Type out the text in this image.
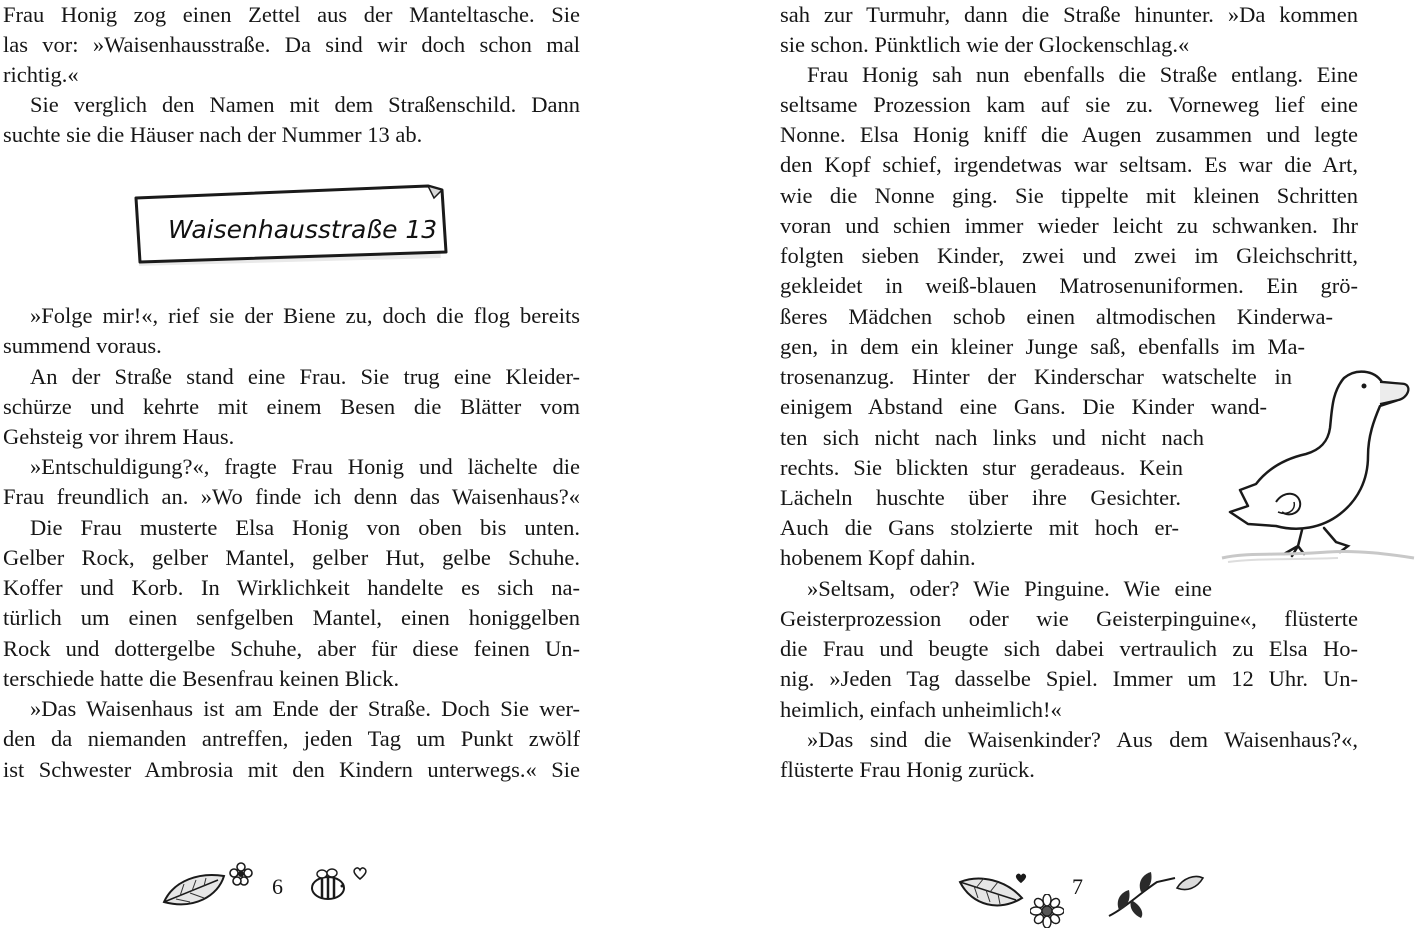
Frau Honig zog einen Zettel aus der Manteltasche. Sie

las vor: »Waisenhausstraße. Da sind wir doch schon mal

richtig.«

Sie verglich den Namen mit dem Straßenschild. Dann

suchte sie die Häuser nach der Nummer 13 ab.

Waisenhausstraße 13

»Folge mir!«, rief sie der Biene zu, doch die flog bereits

summend voraus.

An der Straße stand eine Frau. Sie trug eine Kleider-

schürze und kehrte mit einem Besen die Blätter vom

Gehsteig vor ihrem Haus.

»Entschuldigung?«, fragte Frau Honig und lächelte die

Frau freundlich an. »Wo finde ich denn das Waisenhaus?«

Die Frau musterte Elsa Honig von oben bis unten.

Gelber Rock, gelber Mantel, gelber Hut, gelbe Schuhe.

Koffer und Korb. In Wirklichkeit handelte es sich na-

türlich um einen senfgelben Mantel, einen honiggelben

Rock und dottergelbe Schuhe, aber für diese feinen Un-

terschiede hatte die Besenfrau keinen Blick.

»Das Waisenhaus ist am Ende der Straße. Doch Sie wer-

den da niemanden antreffen, jeden Tag um Punkt zwölf

ist Schwester Ambrosia mit den Kindern unterwegs.« Sie

6

sah zur Turmuhr, dann die Straße hinunter. »Da kommen

sie schon. Pünktlich wie der Glockenschlag.«

Frau Honig sah nun ebenfalls die Straße entlang. Eine

seltsame Prozession kam auf sie zu. Vorneweg lief eine

Nonne. Elsa Honig kniff die Augen zusammen und legte

den Kopf schief, irgendetwas war seltsam. Es war die Art,

wie die Nonne ging. Sie tippelte mit kleinen Schritten

voran und schien immer wieder leicht zu schwanken. Ihr

folgten sieben Kinder, zwei und zwei im Gleichschritt,

gekleidet in weiß-blauen Matrosenuniformen. Ein grö-

ßeres Mädchen schob einen altmodischen Kinderwa-

gen, in dem ein kleiner Junge saß, ebenfalls im Ma-

trosenanzug. Hinter der Kinderschar watschelte in

einigem Abstand eine Gans. Die Kinder wand-

ten sich nicht nach links und nicht nach

rechts. Sie blickten stur geradeaus. Kein

Lächeln huschte über ihre Gesichter.

Auch die Gans stolzierte mit hoch er-

hobenem Kopf dahin.

»Seltsam, oder? Wie Pinguine. Wie eine

Geisterprozession oder wie Geisterpinguine«, flüsterte

die Frau und beugte sich dabei vertraulich zu Elsa Ho-

nig. »Jeden Tag dasselbe Spiel. Immer um 12 Uhr. Un-

heimlich, einfach unheimlich!«

»Das sind die Waisenkinder? Aus dem Waisenhaus?«,

flüsterte Frau Honig zurück.

7
